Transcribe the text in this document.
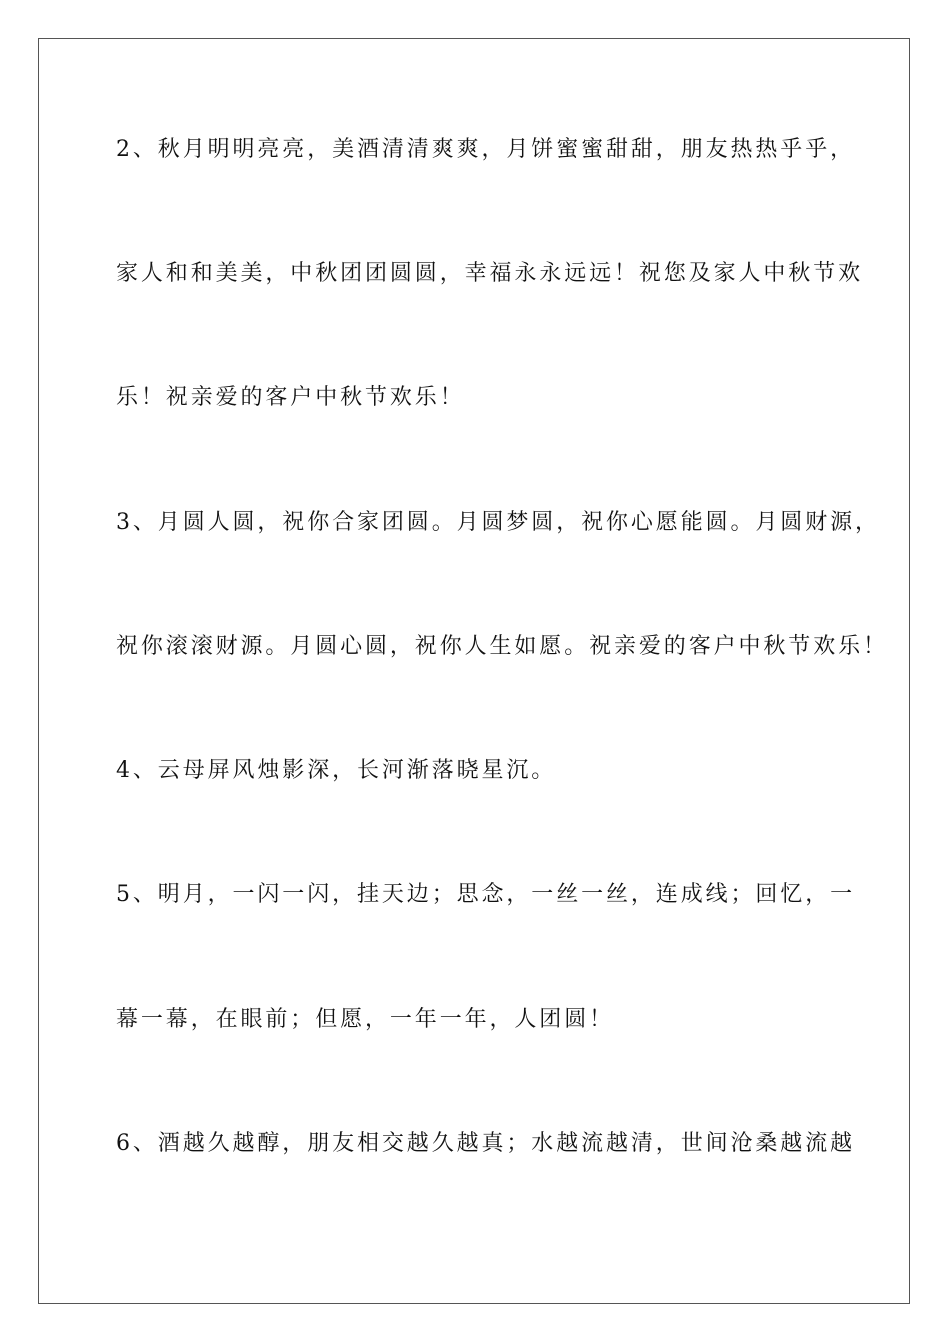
2、秋月明明亮亮，美酒清清爽爽，月饼蜜蜜甜甜，朋友热热乎乎，
家人和和美美，中秋团团圆圆，幸福永永远远！祝您及家人中秋节欢
乐！祝亲爱的客户中秋节欢乐！
3、月圆人圆，祝你合家团圆。月圆梦圆，祝你心愿能圆。月圆财源，
祝你滚滚财源。月圆心圆，祝你人生如愿。祝亲爱的客户中秋节欢乐！
4、云母屏风烛影深，长河渐落晓星沉。
5、明月，一闪一闪，挂天边；思念，一丝一丝，连成线；回忆，一
幕一幕，在眼前；但愿，一年一年，人团圆！
6、酒越久越醇，朋友相交越久越真；水越流越清，世间沧桑越流越
